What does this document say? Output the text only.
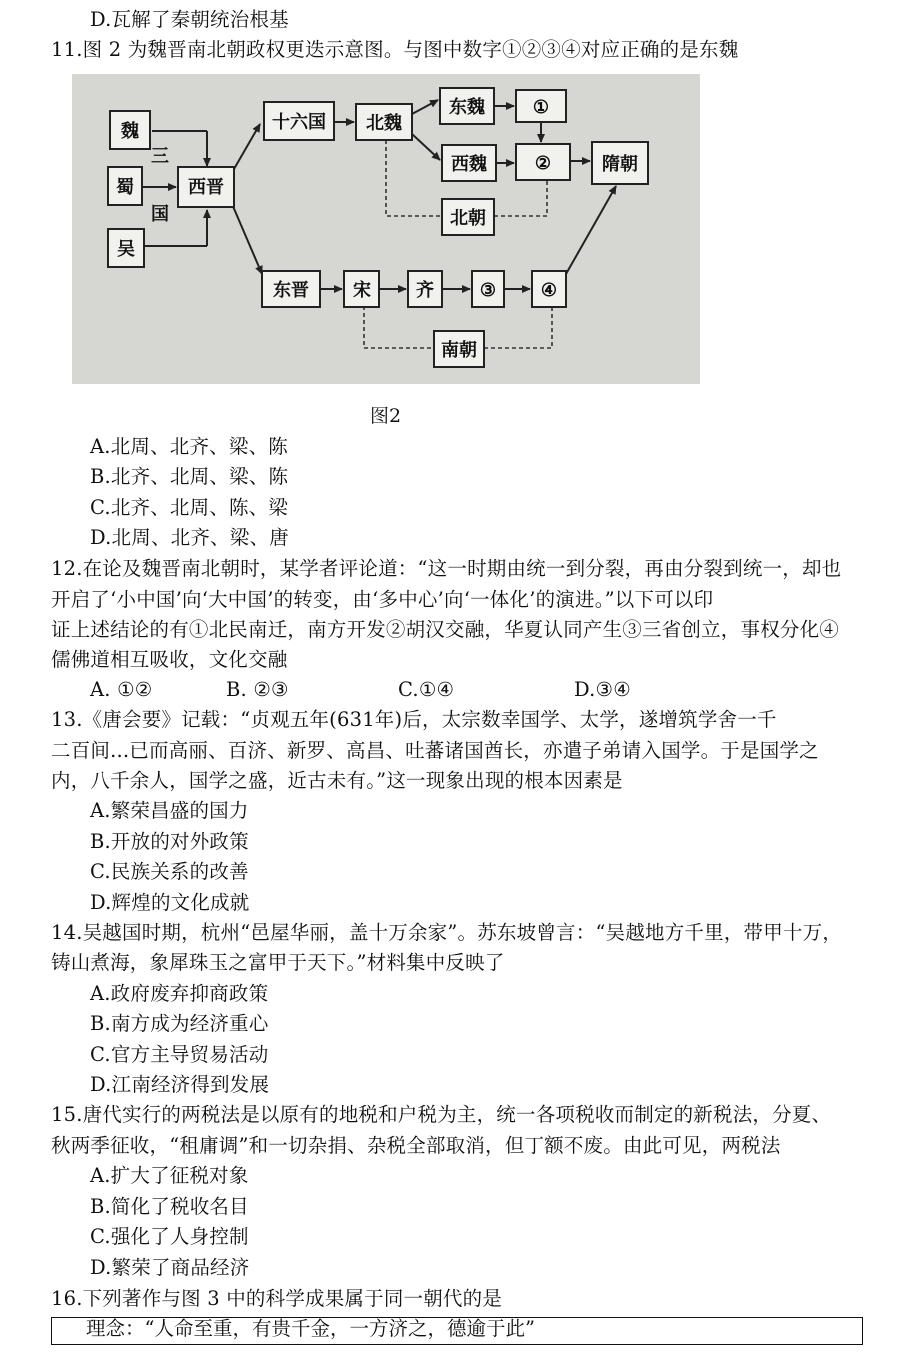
D.瓦解了秦朝统治根基
11.图 2 为魏晋南北朝政权更迭示意图。与图中数字①②③④对应正确的是东魏
魏
蜀
吴
三
国
西晋
十六国 北魏
东魏
西魏
①
②	隋朝
北朝
东晋 宋	齐	③ ④
南朝
图2
A.北周、北齐、梁、陈
B.北齐、北周、梁、陈
C.北齐、北周、陈、梁
D.北周、北齐、梁、唐
12.在论及魏晋南北朝时，某学者评论道：“这一时期由统一到分裂，再由分裂到统一，却也
开启了‘小中国’向‘大中国’的转变，由‘多中心’向‘一体化’的演进。”以下可以印
证上述结论的有①北民南迁，南方开发②胡汉交融，华夏认同产生③三省创立，事权分化④
儒佛道相互吸收，文化交融
A. ①②	B. ②③	C.①④	D.③④
13.《唐会要》记载：“贞观五年(631年)后，太宗数幸国学、太学，遂增筑学舍一千
二百间...已而高丽、百济、新罗、高昌、吐蕃诸国酋长，亦遣子弟请入国学。于是国学之
内，八千余人，国学之盛，近古未有。”这一现象出现的根本因素是
A.繁荣昌盛的国力
B.开放的对外政策
C.民族关系的改善
D.辉煌的文化成就
14.吴越国时期，杭州“邑屋华丽，盖十万余家”。苏东坡曾言：“吴越地方千里，带甲十万，
铸山煮海，象犀珠玉之富甲于天下。”材料集中反映了
A.政府废弃抑商政策
B.南方成为经济重心
C.官方主导贸易活动
D.江南经济得到发展
15.唐代实行的两税法是以原有的地税和户税为主，统一各项税收而制定的新税法，分夏、
秋两季征收，“租庸调”和一切杂捐、杂税全部取消，但丁额不废。由此可见，两税法
A.扩大了征税对象
B.简化了税收名目
C.强化了人身控制
D.繁荣了商品经济
16.下列著作与图 3 中的科学成果属于同一朝代的是
理念：“人命至重，有贵千金，一方济之，德逾于此”
